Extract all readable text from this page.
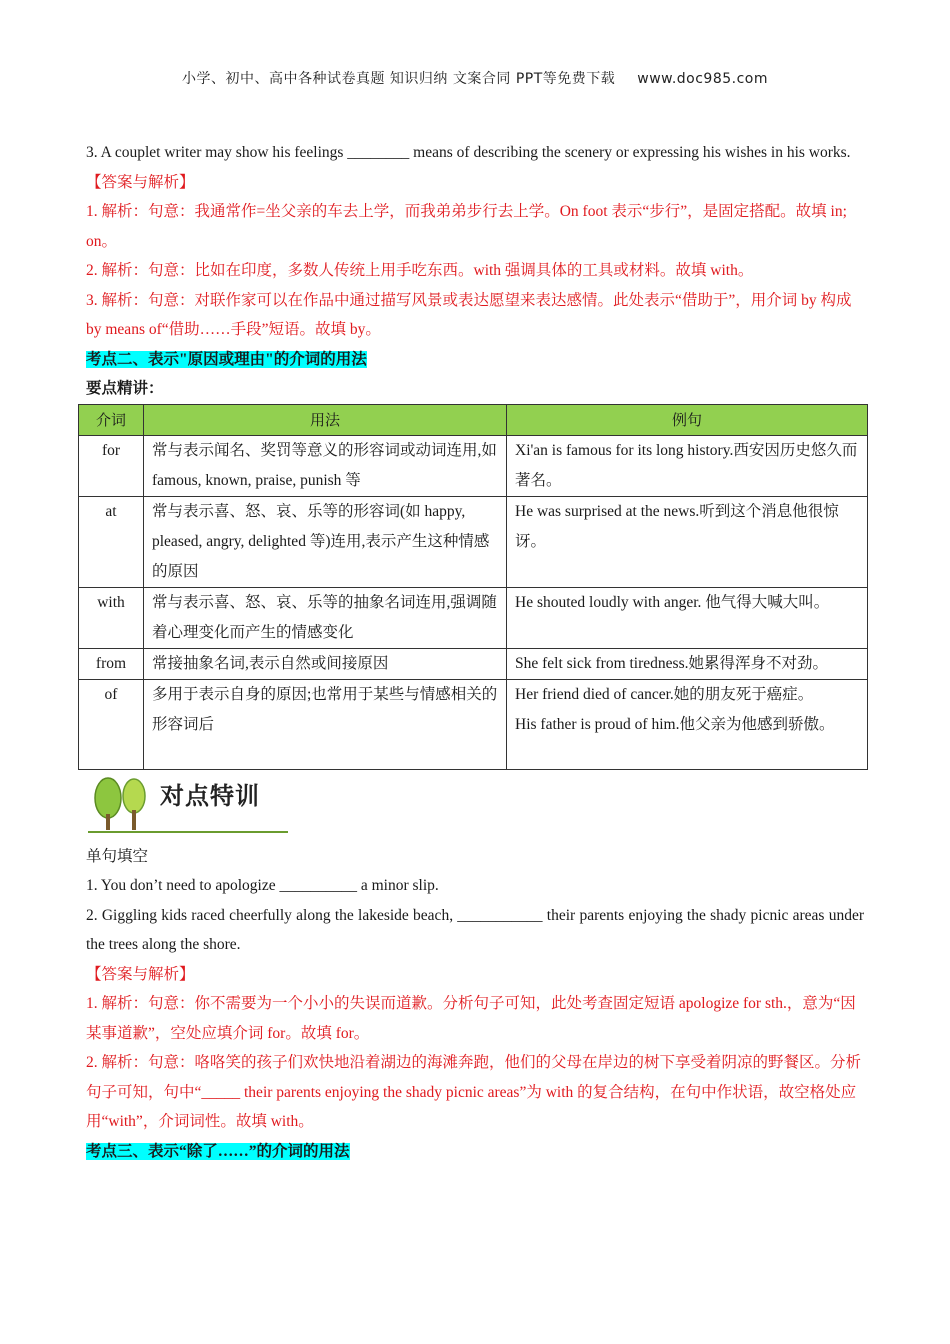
小学、初中、高中各种试卷真题 知识归纳 文案合同 PPT等免费下载 www.doc985.com

3. A couplet writer may show his feelings ________ means of describing the scenery or expressing his wishes in his works.

【答案与解析】

1. 解析：句意：我通常作=坐父亲的车去上学，而我弟弟步行去上学。On foot 表示“步行”，是固定搭配。故填 in; on。

2. 解析：句意：比如在印度，多数人传统上用手吃东西。with 强调具体的工具或材料。故填 with。

3. 解析：句意：对联作家可以在作品中通过描写风景或表达愿望来表达感情。此处表示“借助于”，用介词 by 构成 by means of“借助……手段”短语。故填 by。

考点二、表示"原因或理由"的介词的用法

要点精讲：

介词	用法	例句
for	常与表示闻名、奖罚等意义的形容词或动词连用,如 famous, known, praise, punish 等	Xi'an is famous for its long history.西安因历史悠久而著名。
at	常与表示喜、怒、哀、乐等的形容词(如 happy, pleased, angry, delighted 等)连用,表示产生这种情感的原因	He was surprised at the news.听到这个消息他很惊讶。
with	常与表示喜、怒、哀、乐等的抽象名词连用,强调随着心理变化而产生的情感变化	He shouted loudly with anger. 他气得大喊大叫。
from	常接抽象名词,表示自然或间接原因	She felt sick from tiredness.她累得浑身不对劲。
of	多用于表示自身的原因;也常用于某些与情感相关的形容词后	Her friend died of cancer.她的朋友死于癌症。
His father is proud of him.他父亲为他感到骄傲。
对点特训

单句填空

1. You don’t need to apologize __________ a minor slip.

2. Giggling kids raced cheerfully along the lakeside beach, ___________ their parents enjoying the shady picnic areas under the trees along the shore.

【答案与解析】

1. 解析：句意：你不需要为一个小小的失误而道歉。分析句子可知，此处考查固定短语 apologize for sth.，意为“因某事道歉”，空处应填介词 for。故填 for。

2. 解析：句意：咯咯笑的孩子们欢快地沿着湖边的海滩奔跑，他们的父母在岸边的树下享受着阴凉的野餐区。分析句子可知，句中“_____ their parents enjoying the shady picnic areas”为 with 的复合结构，在句中作状语，故空格处应用“with”，介词词性。故填 with。

考点三、表示“除了……”的介词的用法
